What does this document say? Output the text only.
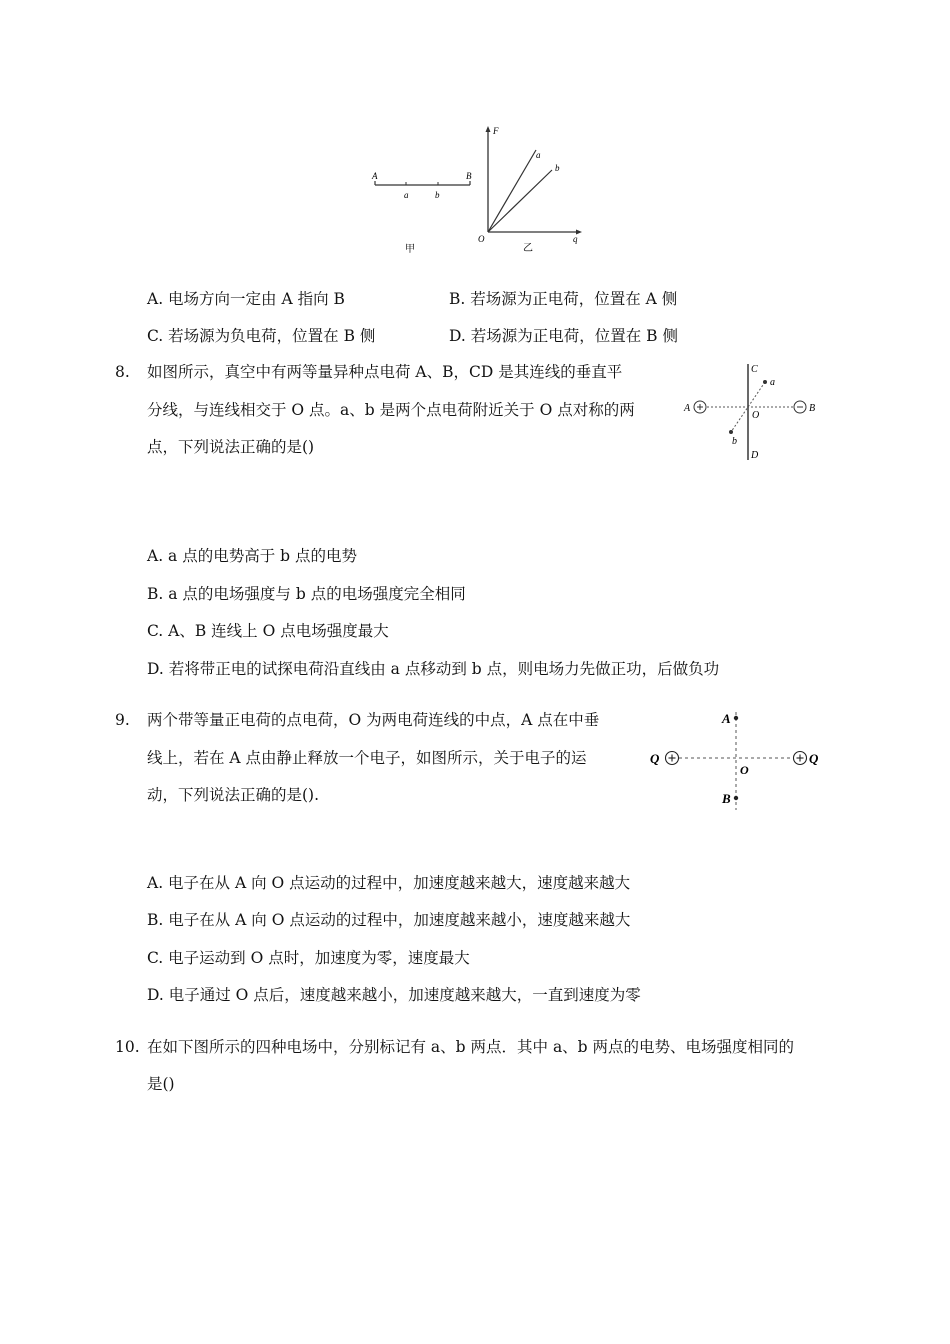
A	B
a	b
甲
F
q
O
a
b
乙
A. 电场方向一定由 A 指向 B	B. 若场源为正电荷，位置在 A 侧
C. 若场源为负电荷，位置在 B 侧	D. 若场源为正电荷，位置在 B 侧
8. 如图所示，真空中有两等量异种点电荷 A、B，CD 是其连线的垂直平
分线，与连线相交于 O 点。a、b 是两个点电荷附近关于 O 点对称的两
点，下列说法正确的是()
C
D
A	B
O
a
b
A. a 点的电势高于 b 点的电势
B. a 点的电场强度与 b 点的电场强度完全相同
C. A、B 连线上 O 点电场强度最大
D. 若将带正电的试探电荷沿直线由 a 点移动到 b 点，则电场力先做正功，后做负功
9. 两个带等量正电荷的点电荷，O 为两电荷连线的中点，A 点在中垂
线上，若在 A 点由静止释放一个电子，如图所示，关于电子的运
动，下列说法正确的是().
A
B
O
Q	Q
A. 电子在从 A 向 O 点运动的过程中，加速度越来越大，速度越来越大
B. 电子在从 A 向 O 点运动的过程中，加速度越来越小，速度越来越大
C. 电子运动到 O 点时，加速度为零，速度最大
D. 电子通过 O 点后，速度越来越小，加速度越来越大，一直到速度为零
10. 在如下图所示的四种电场中，分别标记有 a、b 两点．其中 a、b 两点的电势、电场强度相同的
是()
